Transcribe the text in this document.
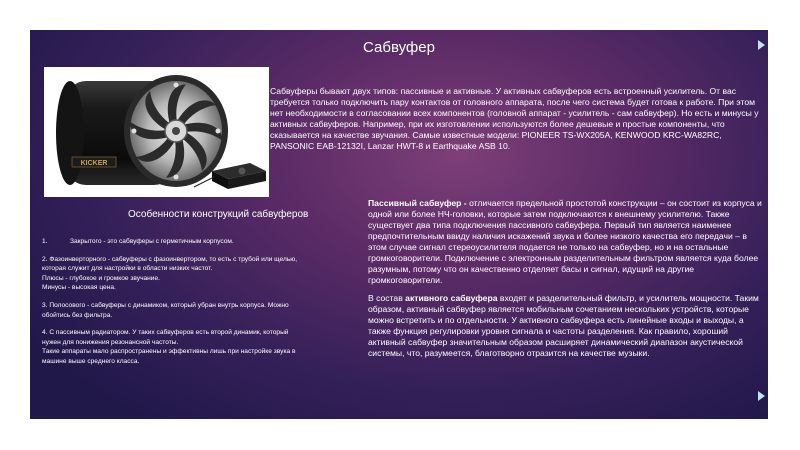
Сабвуфер
KICKER
Сабвуферы бывают двух типов: пассивные и активные. У активных сабвуферов есть встроенный усилитель. От вас требуется только подключить пару контактов от головного аппарата, после чего система будет готова к работе. При этом нет необходимости в согласовании всех компонентов (головной аппарат - усилитель - сам сабвуфер). Но есть и минусы у активных сабвуферов. Например, при их изготовлении используются более дешевые и простые компоненты, что сказывается на качестве звучания. Самые известные модели: PIONEER TS-WX205A, KENWOOD KRC-WA82RC, PANSONIC EAB-12132I, Lanzar HWT-8 и Earthquake ASB 10.
Особенности конструкций сабвуферов
1.	Закрытого - это сабвуферы с герметичным корпусом.
2. Фазоинверторного - сабвуферы с фазоинвертором, то есть с трубой или щелью,
которая служит для настройки в области низких частот.
Плюсы - глубокое и громкое звучание.
Минусы - высокая цена.
3. Полосового - сабвуферы с динамиком, который убран внутрь корпуса. Можно
обойтись без фильтра.
4. С пассивным радиатором. У таких сабвуферов есть второй динамик, который
нужен для понижения резонансной частоты.
Такие аппараты мало распространены и эффективны лишь при настройке звука в
машине выше среднего класса.

Пассивный сабвуфер - отличается предельной простотой конструкции – он состоит из корпуса и одной или более НЧ-головки, которые затем подключаются к внешнему усилителю. Также существует два типа подключения пассивного сабвуфера. Первый тип является наименее предпочтительным ввиду наличия искажений звука и более низкого качества его передачи – в этом случае сигнал стереоусилителя подается не только на сабвуфер, но и на остальные громкоговорители. Подключение с электронным разделительным фильтром является куда более разумным, потому что он качественно отделяет басы и сигнал, идущий на другие громкоговорители.

В состав активного сабвуфера входят и разделительный фильтр, и усилитель мощности. Таким образом, активный сабвуфер является мобильным сочетанием нескольких устройств, которые можно встретить и по отдельности. У активного сабвуфера есть линейные входы и выходы, а также функция регулировки уровня сигнала и частоты разделения. Как правило, хороший активный сабвуфер значительным образом расширяет динамический диапазон акустической системы, что, разумеется, благотворно отразится на качестве музыки.
